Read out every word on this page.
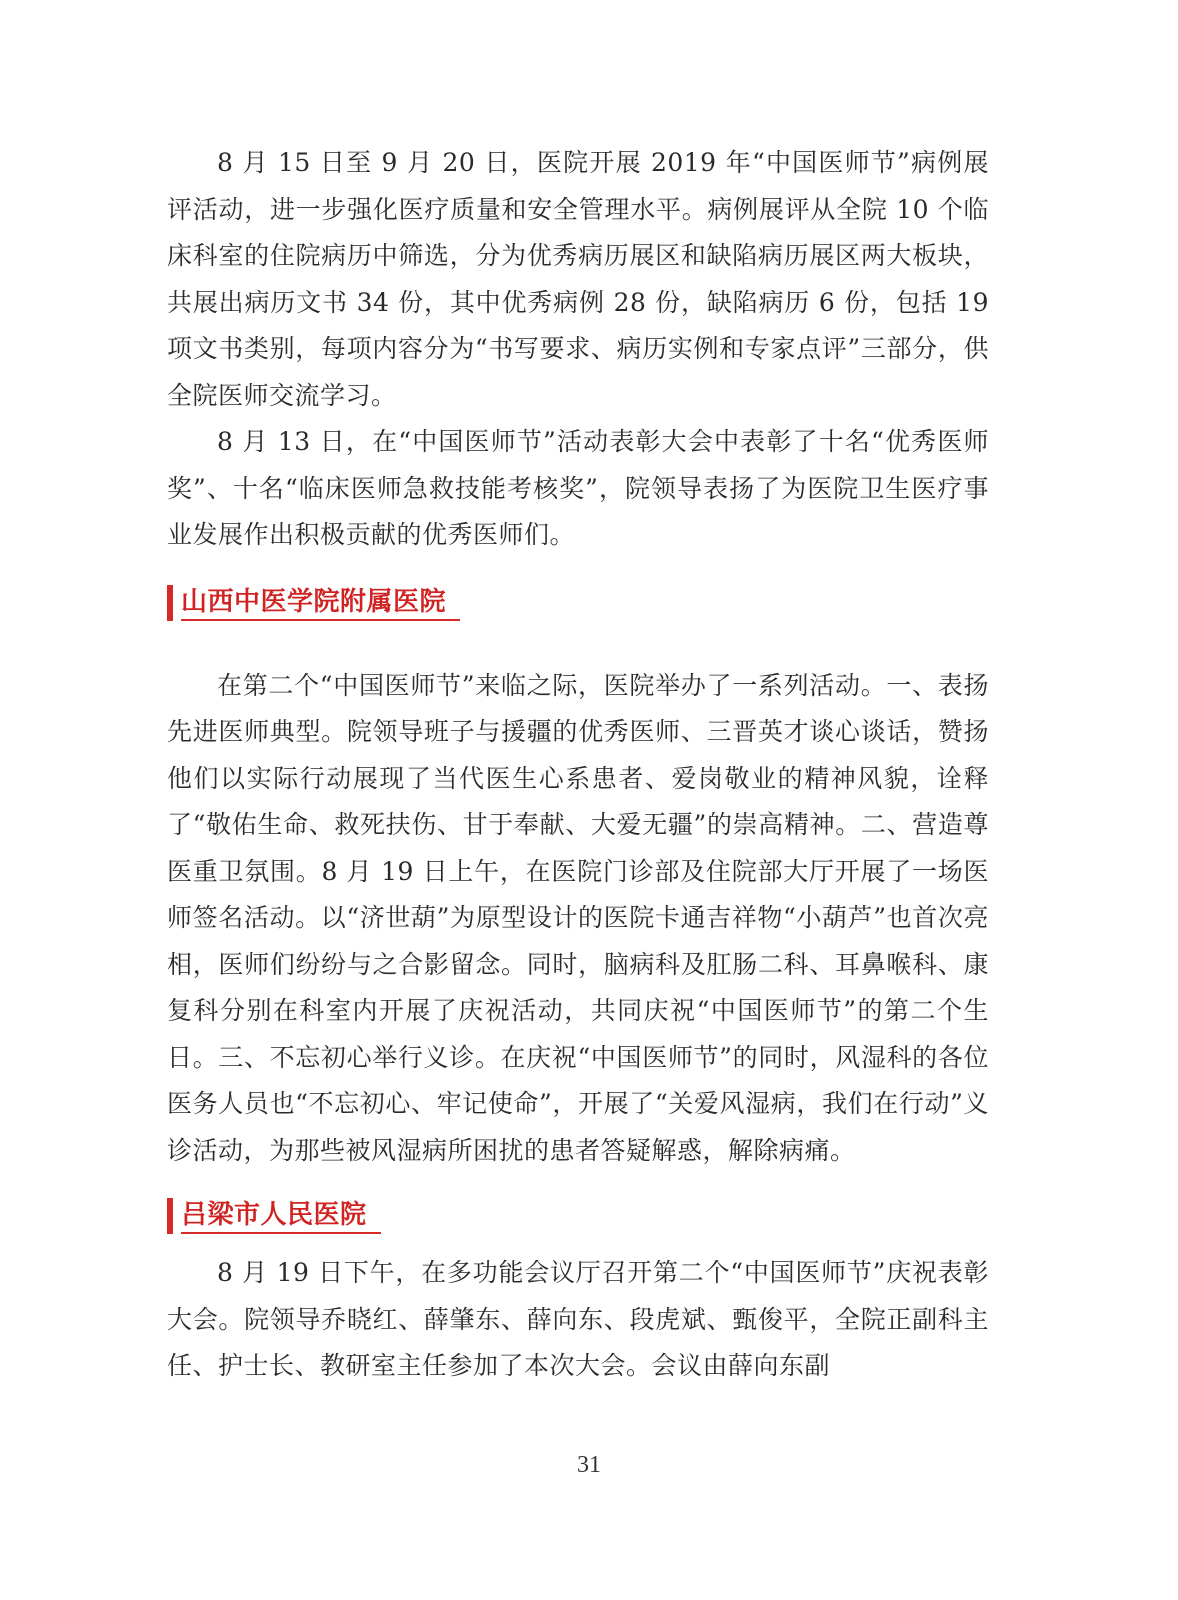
8 月 15 日至 9 月 20 日，医院开展 2019 年“中国医师节”病例展评活动，进一步强化医疗质量和安全管理水平。病例展评从全院 10 个临床科室的住院病历中筛选，分为优秀病历展区和缺陷病历展区两大板块，共展出病历文书 34 份，其中优秀病例 28 份，缺陷病历 6 份，包括 19 项文书类别，每项内容分为“书写要求、病历实例和专家点评”三部分，供全院医师交流学习。

8 月 13 日，在“中国医师节”活动表彰大会中表彰了十名“优秀医师奖”、十名“临床医师急救技能考核奖”，院领导表扬了为医院卫生医疗事业发展作出积极贡献的优秀医师们。

山西中医学院附属医院

在第二个“中国医师节”来临之际，医院举办了一系列活动。一、表扬先进医师典型。院领导班子与援疆的优秀医师、三晋英才谈心谈话，赞扬他们以实际行动展现了当代医生心系患者、爱岗敬业的精神风貌，诠释了“敬佑生命、救死扶伤、甘于奉献、大爱无疆”的崇高精神。二、营造尊医重卫氛围。8 月 19 日上午，在医院门诊部及住院部大厅开展了一场医师签名活动。以“济世葫”为原型设计的医院卡通吉祥物“小葫芦”也首次亮相，医师们纷纷与之合影留念。同时，脑病科及肛肠二科、耳鼻喉科、康复科分别在科室内开展了庆祝活动，共同庆祝“中国医师节”的第二个生日。三、不忘初心举行义诊。在庆祝“中国医师节”的同时，风湿科的各位医务人员也“不忘初心、牢记使命”，开展了“关爱风湿病，我们在行动”义诊活动，为那些被风湿病所困扰的患者答疑解惑，解除病痛。

吕梁市人民医院

8 月 19 日下午，在多功能会议厅召开第二个“中国医师节”庆祝表彰大会。院领导乔晓红、薛肇东、薛向东、段虎斌、甄俊平，全院正副科主任、护士长、教研室主任参加了本次大会。会议由薛向东副

31
